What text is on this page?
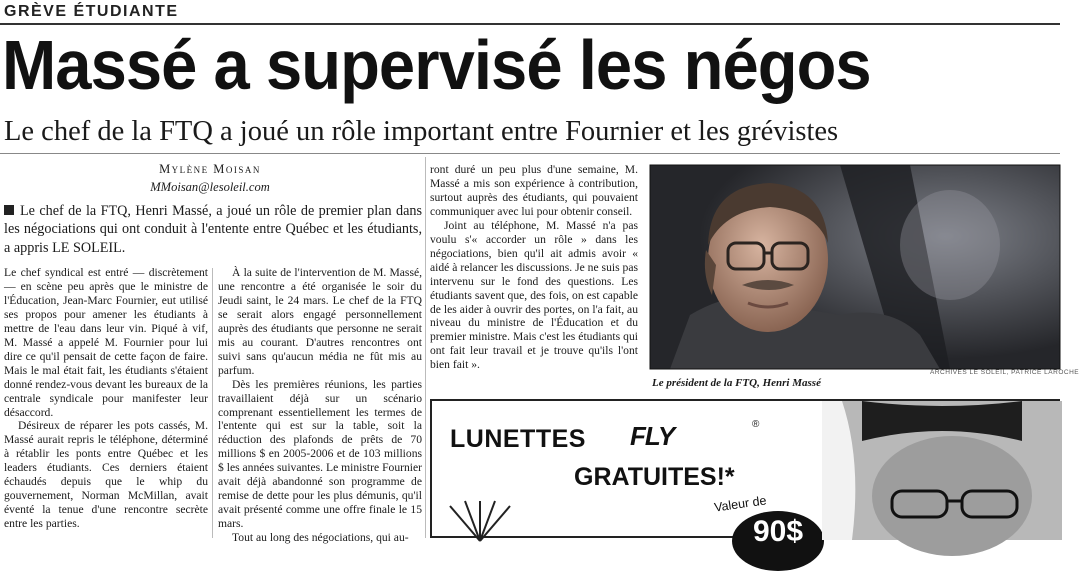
GRÈVE ÉTUDIANTE
Massé a supervisé les négos
Le chef de la FTQ a joué un rôle important entre Fournier et les grévistes
Mylène Moisan
MMoisan@lesoleil.com
Le chef de la FTQ, Henri Massé, a joué un rôle de premier plan dans les négociations qui ont conduit à l'entente entre Québec et les étudiants, a appris LE SOLEIL.

Le chef syndical est entré — discrètement — en scène peu après que le ministre de l'Éducation, Jean-Marc Fournier, eut utilisé ses propos pour amener les étudiants à mettre de l'eau dans leur vin. Piqué à vif, M. Massé a appelé M. Fournier pour lui dire ce qu'il pensait de cette façon de faire. Mais le mal était fait, les étudiants s'étaient donné rendez-vous devant les bureaux de la centrale syndicale pour manifester leur désaccord.

Désireux de réparer les pots cassés, M. Massé aurait repris le téléphone, déterminé à rétablir les ponts entre Québec et les leaders étudiants. Ces derniers étaient échaudés depuis que le whip du gouvernement, Norman McMillan, avait éventé la tenue d'une rencontre secrète entre les parties.

À la suite de l'intervention de M. Massé, une rencontre a été organisée le soir du Jeudi saint, le 24 mars. Le chef de la FTQ se serait alors engagé personnellement auprès des étudiants que personne ne serait mis au courant. D'autres rencontres ont suivi sans qu'aucun média ne fût mis au parfum.

Dès les premières réunions, les parties travaillaient déjà sur un scénario comprenant essentiellement les termes de l'entente qui est sur la table, soit la réduction des plafonds de prêts de 70 millions $ en 2005-2006 et de 103 millions $ les années suivantes. Le ministre Fournier avait déjà abandonné son programme de remise de dette pour les plus démunis, qu'il avait présenté comme une offre finale le 15 mars.

Tout au long des négociations, qui au-

ront duré un peu plus d'une semaine, M. Massé a mis son expérience à contribution, surtout auprès des étudiants, qui pouvaient communiquer avec lui pour obtenir conseil.

Joint au téléphone, M. Massé n'a pas voulu s'« accorder un rôle » dans les négociations, bien qu'il ait admis avoir « aidé à relancer les discussions. Je ne suis pas intervenu sur le fond des questions. Les étudiants savent que, des fois, on est capable de les aider à ouvrir des portes, on l'a fait, au niveau du ministre de l'Éducation et du premier ministre. Mais c'est les étudiants qui ont fait leur travail et je trouve qu'ils l'ont bien fait ».

ARCHIVES LE SOLEIL, PATRICE LAROCHE
Le président de la FTQ, Henri Massé
LUNETTES FLY	®
GRATUITES!*
Valeur de
90$
